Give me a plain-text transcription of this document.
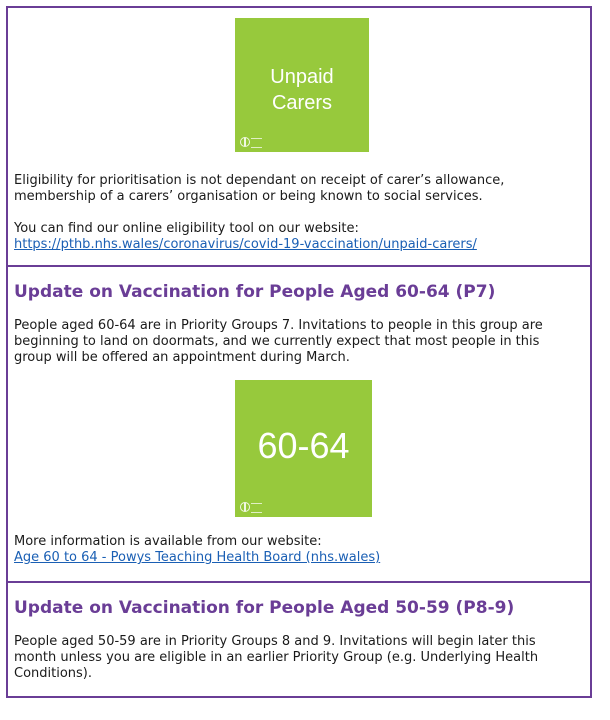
Unpaid
Carers

Eligibility for prioritisation is not dependant on receipt of carer’s allowance, membership of a carers’ organisation or being known to social services.

You can find our online eligibility tool on our website:

https://pthb.nhs.wales/coronavirus/covid-19-vaccination/unpaid-carers/
Update on Vaccination for People Aged 60-64 (P7)

People aged 60-64 are in Priority Groups 7. Invitations to people in this group are beginning to land on doormats, and we currently expect that most people in this group will be offered an appointment during March.

60-64

More information is available from our website:

Age 60 to 64 - Powys Teaching Health Board (nhs.wales)
Update on Vaccination for People Aged 50-59 (P8-9)

People aged 50-59 are in Priority Groups 8 and 9. Invitations will begin later this month unless you are eligible in an earlier Priority Group (e.g. Underlying Health Conditions).
